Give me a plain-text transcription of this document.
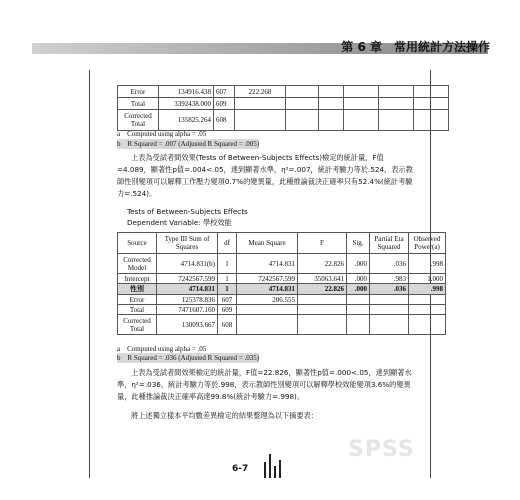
第 6 章　常用統計方法操作
Error	134916.438	607	222.268					
Total	3392438.000	609						
Corrected Total	135825.264	608						
a　Computed using alpha = .05
b　R Squared = .007 (Adjusted R Squared = .005)
上表為受試者間效果(Tests of Between-Subjects Effects)檢定的統計量，F值=4.089，顯著性p值=.004<.05，達到顯著水準，η²=.007，統計考驗力等於.524，表示教師性別變項可以解釋工作壓力變項0.7%的變異量，此種推論裁決正確率只有52.4%(統計考驗力=.524)。
Tests of Between-Subjects Effects
Dependent Variable: 學校效能
Source	Type III Sum of Squares	df	Mean Square	F	Sig.	Partial Eta Squared	Observed Power(a)
Corrected Model	4714.831(b)	1	4714.831	22.826	.000	.036	.998
Intercept	7242567.599	1	7242567.599	35063.641	.000	.983	1.000
性別	4714.831	1	4714.831	22.826	.000	.036	.998
Error	125378.836	607	206.555				
Total	7471607.160	609					
Corrected Total	130093.667	608					
a　Computed using alpha = .05
b　R Squared = .036 (Adjusted R Squared = .035)
上表為受試者間效果檢定的統計量，F值=22.826，顯著性p值=.000<.05，達到顯著水準，η²=.036，統計考驗力等於.998，表示教師性別變項可以解釋學校效能變項3.6%的變異量，此種推論裁決正確率高達99.8%(統計考驗力=.998)。
將上述獨立樣本平均數差異檢定的結果整理為以下摘要表：
SPSS
6-7
